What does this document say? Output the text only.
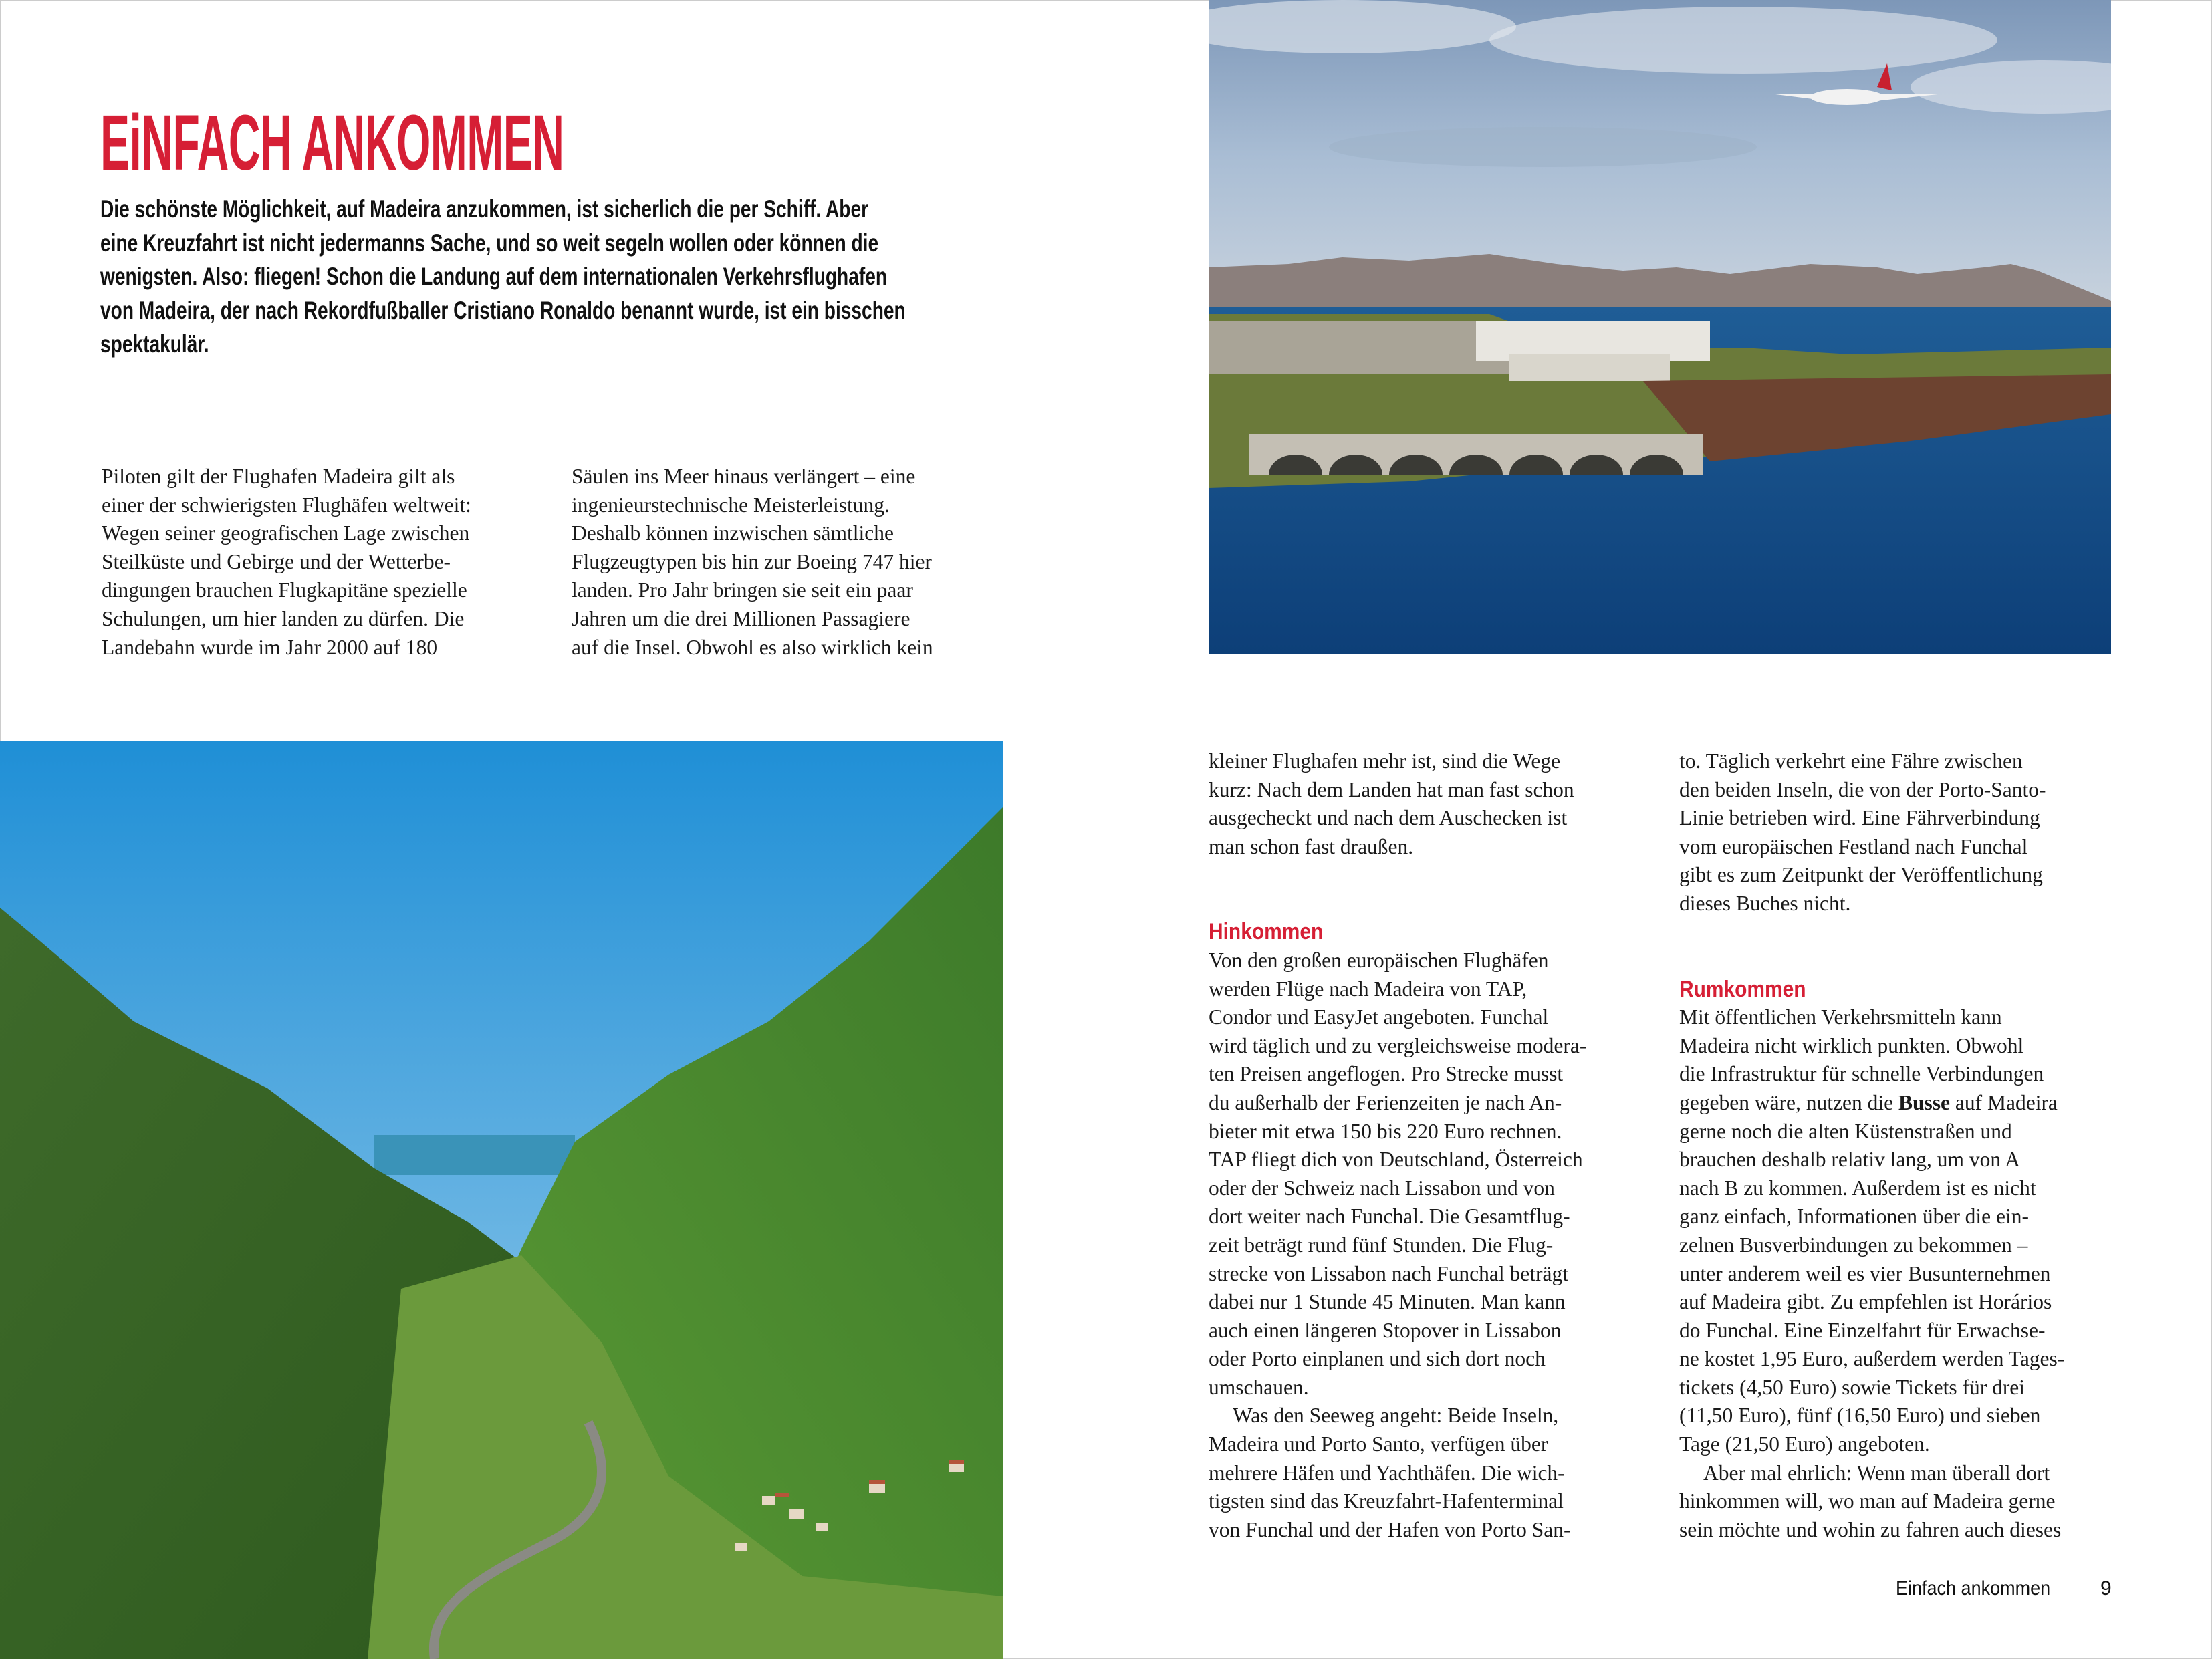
EiNFACH ANKOMMEN
Die schönste Möglichkeit, auf Madeira anzukommen, ist sicherlich die per Schiff. Aber
eine Kreuzfahrt ist nicht jedermanns Sache, und so weit segeln wollen oder können die
wenigsten. Also: fliegen! Schon die Landung auf dem internationalen Verkehrsflughafen
von Madeira, der nach Rekordfußballer Cristiano Ronaldo benannt wurde, ist ein bisschen
spektakulär.
Piloten gilt der Flughafen Madeira gilt als
einer der schwierigsten Flughäfen weltweit:
Wegen seiner geografischen Lage zwischen
Steilküste und Gebirge und der Wetterbe-
dingungen brauchen Flugkapitäne spezielle
Schulungen, um hier landen zu dürfen. Die
Landebahn wurde im Jahr 2000 auf 180
Säulen ins Meer hinaus verlängert – eine
ingenieurstechnische Meisterleistung.
Deshalb können inzwischen sämtliche
Flugzeugtypen bis hin zur Boeing 747 hier
landen. Pro Jahr bringen sie seit ein paar
Jahren um die drei Millionen Passagiere
auf die Insel. Obwohl es also wirklich kein
kleiner Flughafen mehr ist, sind die Wege
kurz: Nach dem Landen hat man fast schon
ausgecheckt und nach dem Auschecken ist
man schon fast draußen.
Hinkommen
Von den großen europäischen Flughäfen
werden Flüge nach Madeira von TAP,
Condor und EasyJet angeboten. Funchal
wird täglich und zu vergleichsweise modera-
ten Preisen angeflogen. Pro Strecke musst
du außerhalb der Ferienzeiten je nach An-
bieter mit etwa 150 bis 220 Euro rechnen.
TAP fliegt dich von Deutschland, Österreich
oder der Schweiz nach Lissabon und von
dort weiter nach Funchal. Die Gesamtflug-
zeit beträgt rund fünf Stunden. Die Flug-
strecke von Lissabon nach Funchal beträgt
dabei nur 1 Stunde 45 Minuten. Man kann
auch einen längeren Stopover in Lissabon
oder Porto einplanen und sich dort noch
umschauen.
Was den Seeweg angeht: Beide Inseln,
Madeira und Porto Santo, verfügen über
mehrere Häfen und Yachthäfen. Die wich-
tigsten sind das Kreuzfahrt-Hafenterminal
von Funchal und der Hafen von Porto San-
to. Täglich verkehrt eine Fähre zwischen
den beiden Inseln, die von der Porto-Santo-
Linie betrieben wird. Eine Fährverbindung
vom europäischen Festland nach Funchal
gibt es zum Zeitpunkt der Veröffentlichung
dieses Buches nicht.
Rumkommen
Mit öffentlichen Verkehrsmitteln kann
Madeira nicht wirklich punkten. Obwohl
die Infrastruktur für schnelle Verbindungen
gegeben wäre, nutzen die Busse auf Madeira
gerne noch die alten Küstenstraßen und
brauchen deshalb relativ lang, um von A
nach B zu kommen. Außerdem ist es nicht
ganz einfach, Informationen über die ein-
zelnen Busverbindungen zu bekommen –
unter anderem weil es vier Busunternehmen
auf Madeira gibt. Zu empfehlen ist Horários
do Funchal. Eine Einzelfahrt für Erwachse-
ne kostet 1,95 Euro, außerdem werden Tages-
tickets (4,50 Euro) sowie Tickets für drei
(11,50 Euro), fünf (16,50 Euro) und sieben
Tage (21,50 Euro) angeboten.
Aber mal ehrlich: Wenn man überall dort
hinkommen will, wo man auf Madeira gerne
sein möchte und wohin zu fahren auch dieses
Einfach ankommen 9
